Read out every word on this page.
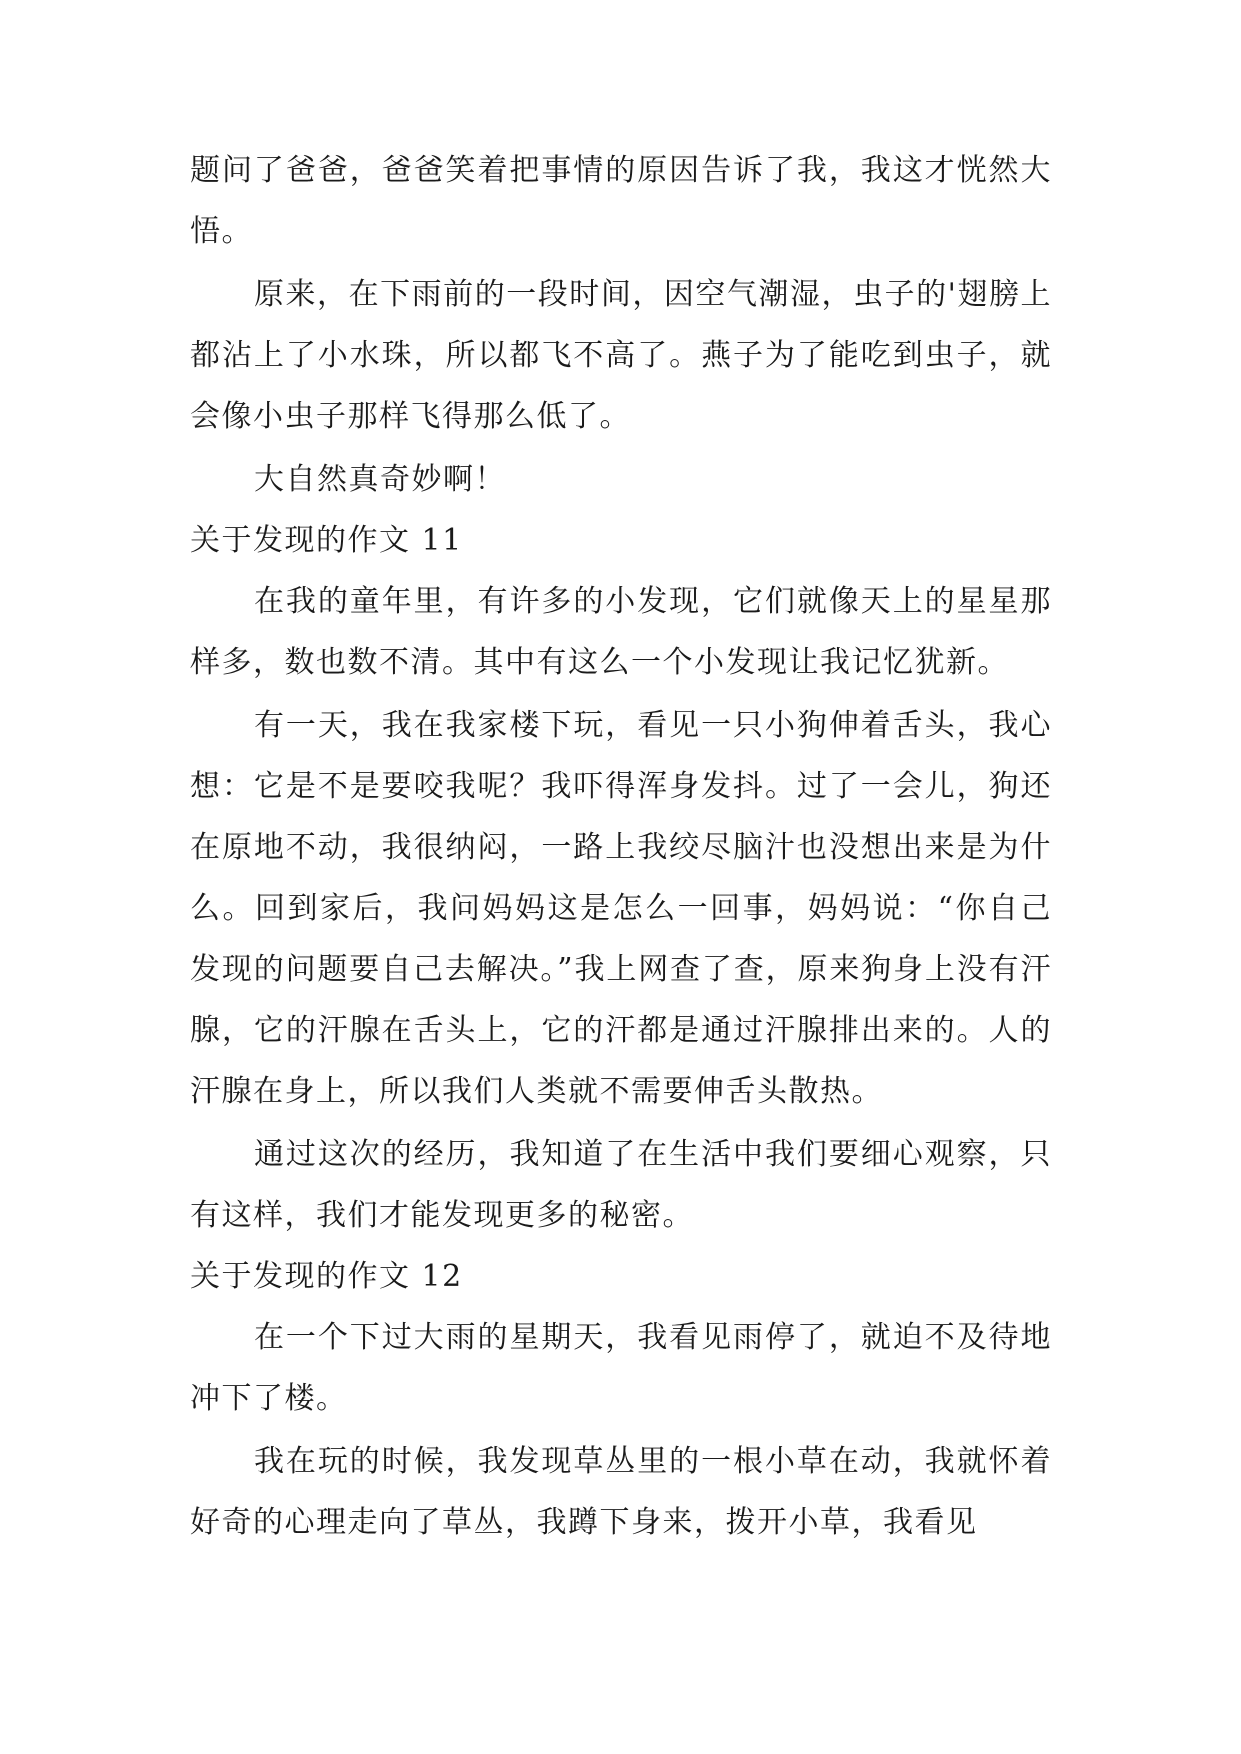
题问了爸爸，爸爸笑着把事情的原因告诉了我，我这才恍然大悟。

原来，在下雨前的一段时间，因空气潮湿，虫子的'翅膀上都沾上了小水珠，所以都飞不高了。燕子为了能吃到虫子，就会像小虫子那样飞得那么低了。

大自然真奇妙啊！

关于发现的作文 11

在我的童年里，有许多的小发现，它们就像天上的星星那样多，数也数不清。其中有这么一个小发现让我记忆犹新。

有一天，我在我家楼下玩，看见一只小狗伸着舌头，我心想：它是不是要咬我呢？我吓得浑身发抖。过了一会儿，狗还在原地不动，我很纳闷，一路上我绞尽脑汁也没想出来是为什么。回到家后，我问妈妈这是怎么一回事，妈妈说：“你自己发现的问题要自己去解决。”我上网查了查，原来狗身上没有汗腺，它的汗腺在舌头上，它的汗都是通过汗腺排出来的。人的汗腺在身上，所以我们人类就不需要伸舌头散热。

通过这次的经历，我知道了在生活中我们要细心观察，只有这样，我们才能发现更多的秘密。

关于发现的作文 12

在一个下过大雨的星期天，我看见雨停了，就迫不及待地冲下了楼。

我在玩的时候，我发现草丛里的一根小草在动，我就怀着好奇的心理走向了草丛，我蹲下身来，拨开小草，我看见
